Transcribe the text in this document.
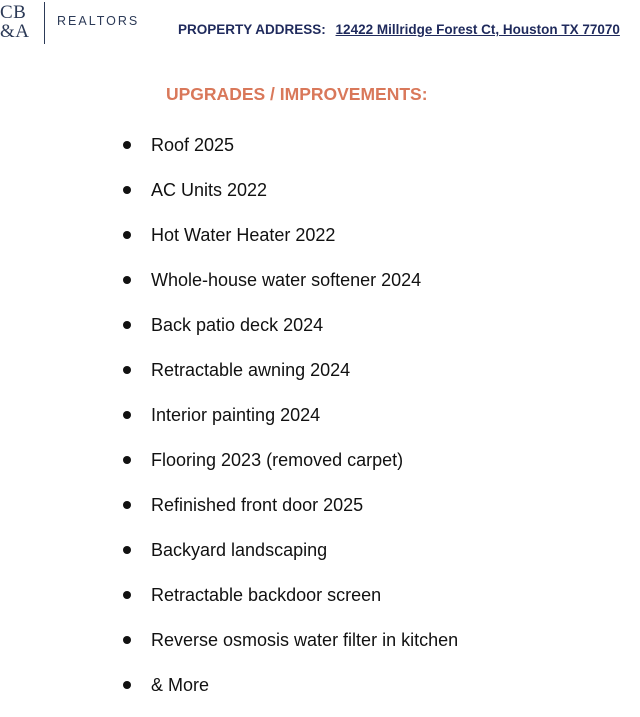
CB
&A	REALTORS
PROPERTY ADDRESS: 12422 Millridge Forest Ct, Houston TX 77070
UPGRADES / IMPROVEMENTS:
Roof 2025
AC Units 2022
Hot Water Heater 2022
Whole-house water softener 2024
Back patio deck 2024
Retractable awning 2024
Interior painting 2024
Flooring 2023 (removed carpet)
Refinished front door 2025
Backyard landscaping
Retractable backdoor screen
Reverse osmosis water filter in kitchen
& More
